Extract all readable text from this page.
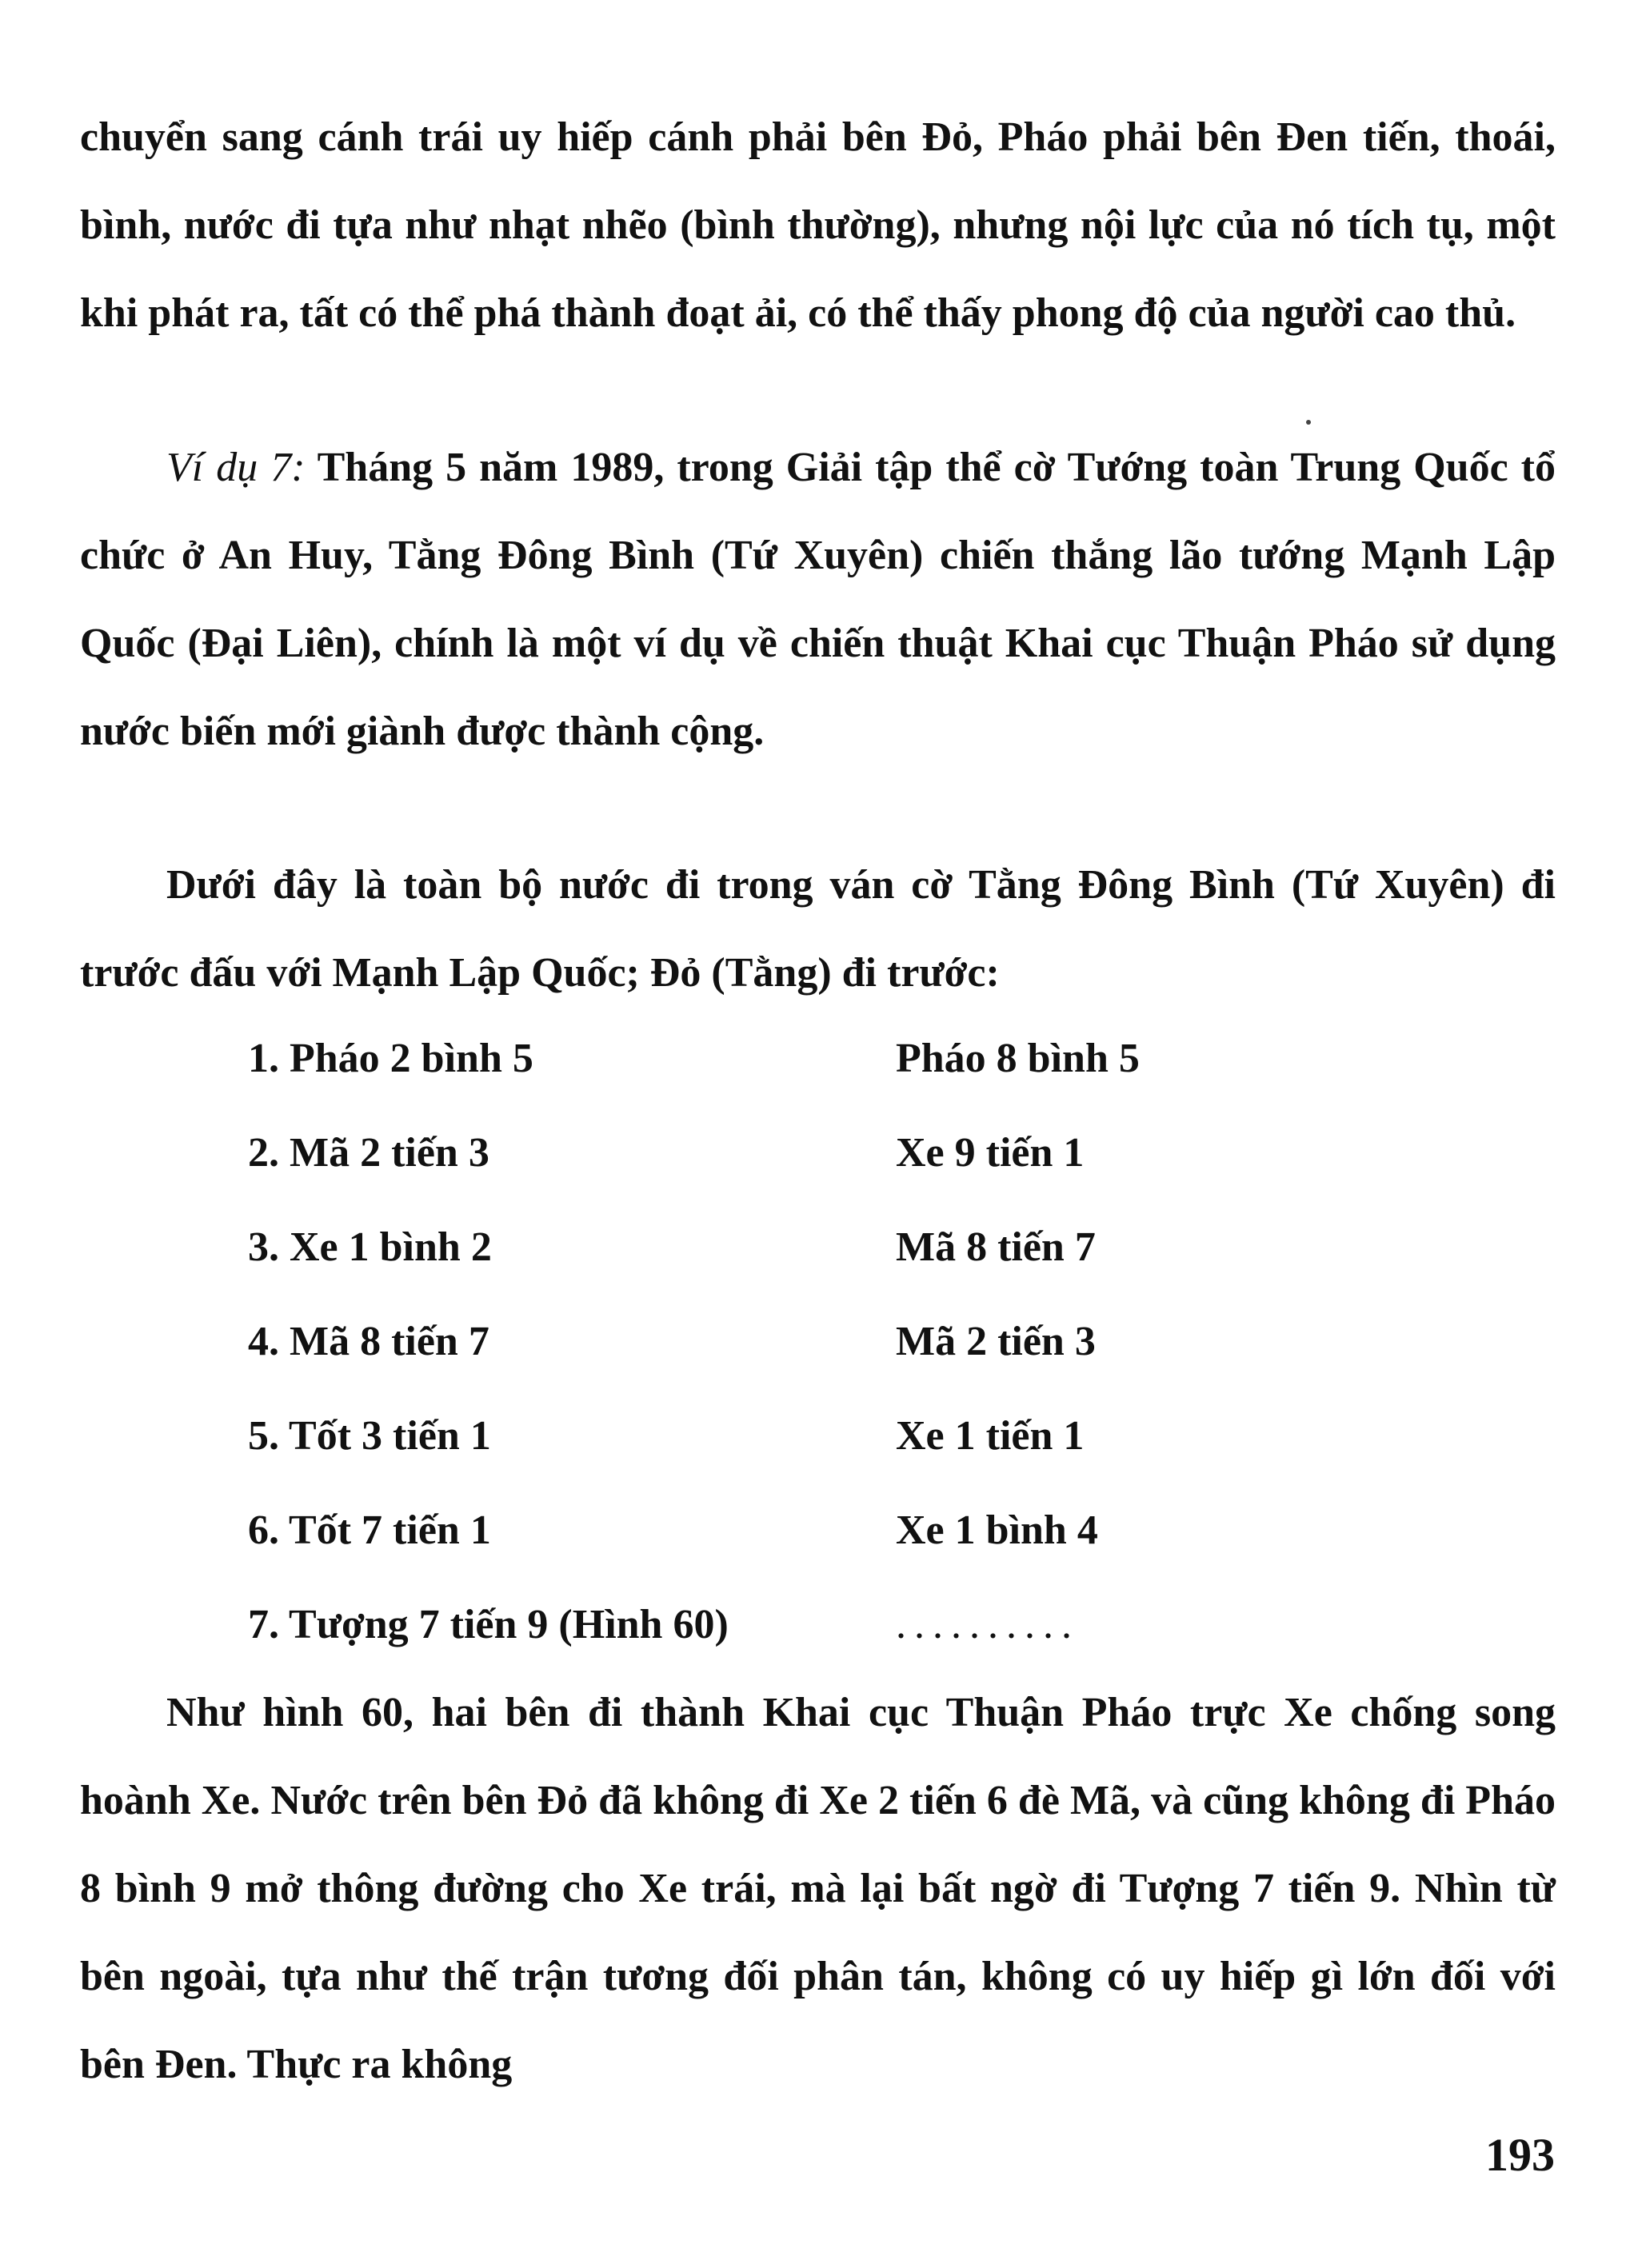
chuyển sang cánh trái uy hiếp cánh phải bên Đỏ, Pháo phải bên Đen tiến, thoái, bình, nước đi tựa như nhạt nhẽo (bình thường), nhưng nội lực của nó tích tụ, một khi phát ra, tất có thể phá thành đoạt ải, có thể thấy phong độ của người cao thủ.

Ví dụ 7: Tháng 5 năm 1989, trong Giải tập thể cờ Tướng toàn Trung Quốc tổ chức ở An Huy, Tằng Đông Bình (Tứ Xuyên) chiến thắng lão tướng Mạnh Lập Quốc (Đại Liên), chính là một ví dụ về chiến thuật Khai cục Thuận Pháo sử dụng nước biến mới giành được thành cộng.

Dưới đây là toàn bộ nước đi trong ván cờ Tằng Đông Bình (Tứ Xuyên) đi trước đấu với Mạnh Lập Quốc; Đỏ (Tằng) đi trước:

1. Pháo 2 bình 5	Pháo 8 bình 5
2. Mã 2 tiến 3	Xe 9 tiến 1
3. Xe 1 bình 2	Mã 8 tiến 7
4. Mã 8 tiến 7	Mã 2 tiến 3
5. Tốt 3 tiến 1	Xe 1 tiến 1
6. Tốt 7 tiến 1	Xe 1 bình 4
7. Tượng 7 tiến 9 (Hình 60)	..........

Như hình 60, hai bên đi thành Khai cục Thuận Pháo trực Xe chống song hoành Xe. Nước trên bên Đỏ đã không đi Xe 2 tiến 6 đè Mã, và cũng không đi Pháo 8 bình 9 mở thông đường cho Xe trái, mà lại bất ngờ đi Tượng 7 tiến 9. Nhìn từ bên ngoài, tựa như thế trận tương đối phân tán, không có uy hiếp gì lớn đối với bên Đen. Thực ra không

193
